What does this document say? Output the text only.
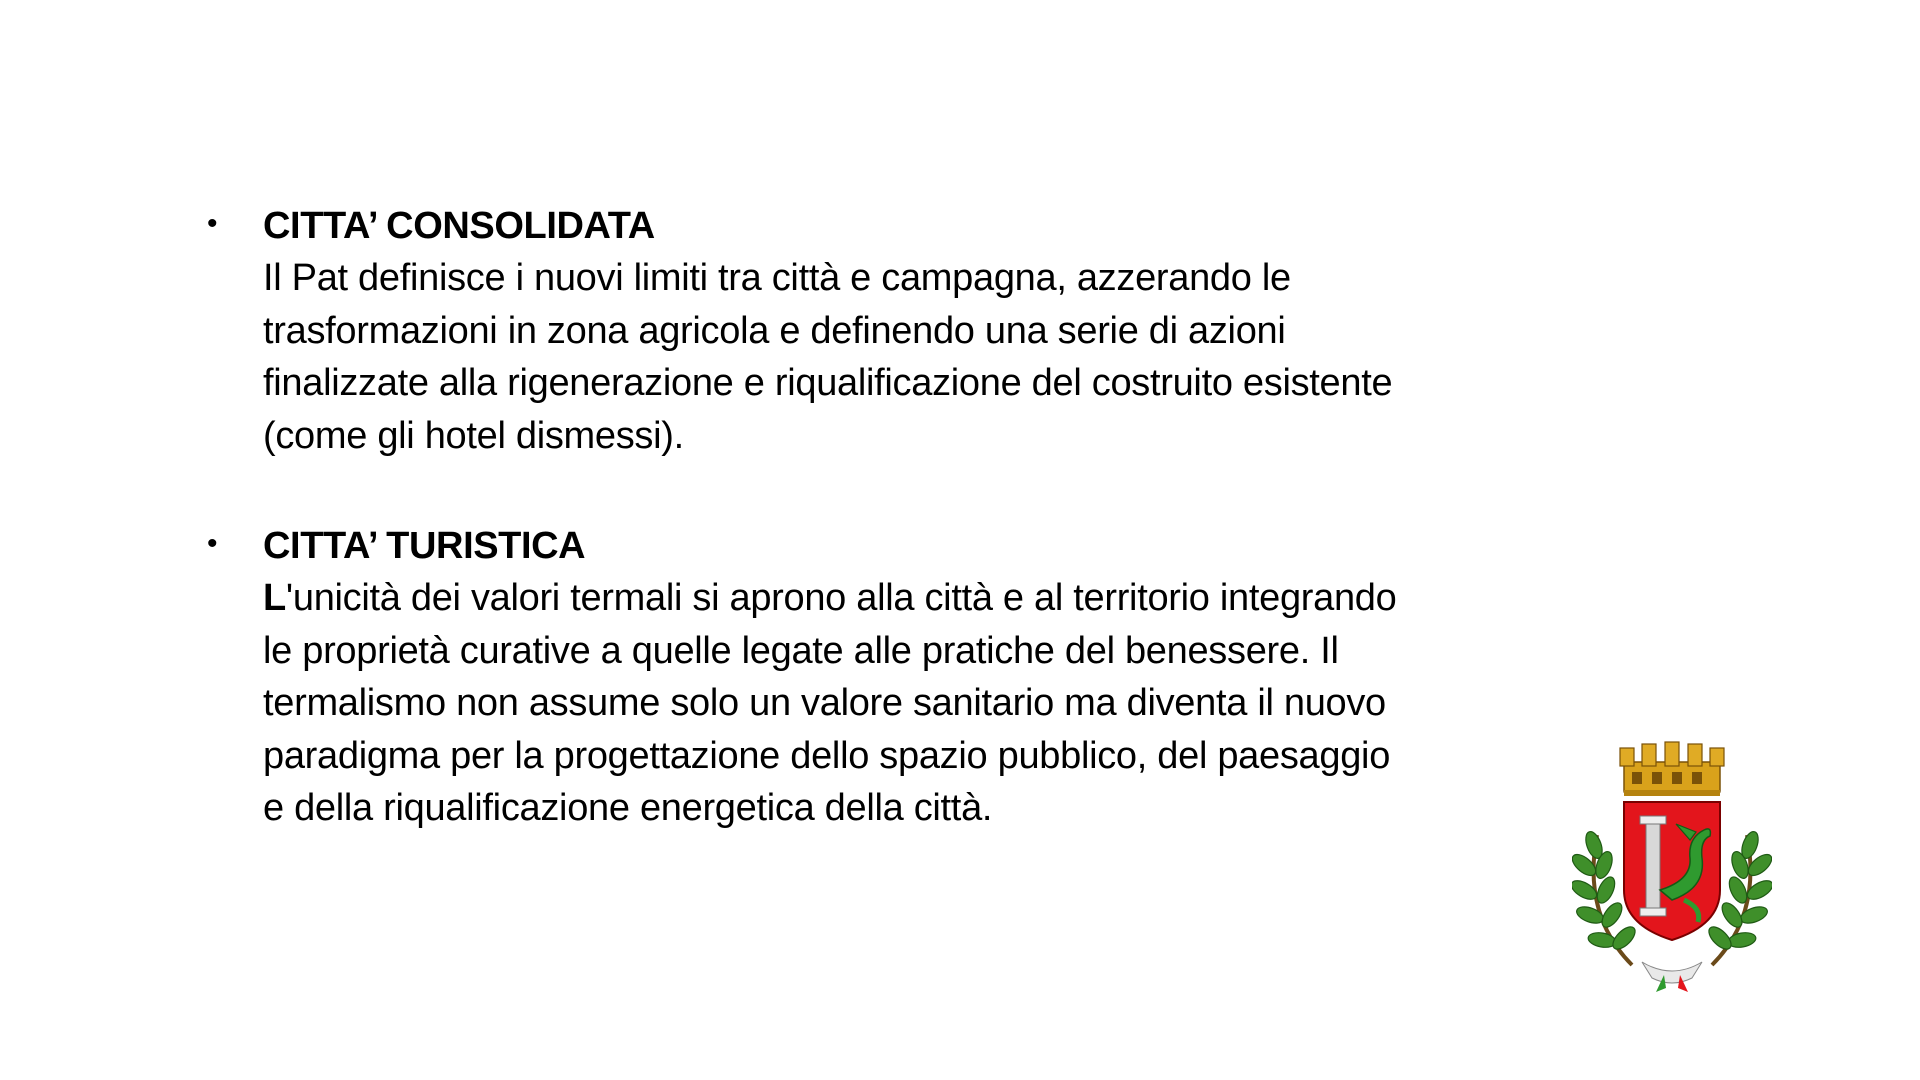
• CITTA’ CONSOLIDATA
Il Pat definisce i nuovi limiti tra città e campagna, azzerando le
trasformazioni in zona agricola e definendo una serie di azioni
finalizzate alla rigenerazione e riqualificazione del costruito esistente
(come gli hotel dismessi).
• CITTA’ TURISTICA
L'unicità dei valori termali si aprono alla città e al territorio integrando
le proprietà curative a quelle legate alle pratiche del benessere. Il
termalismo non assume solo un valore sanitario ma diventa il nuovo
paradigma per la progettazione dello spazio pubblico, del paesaggio
e della riqualificazione energetica della città.
